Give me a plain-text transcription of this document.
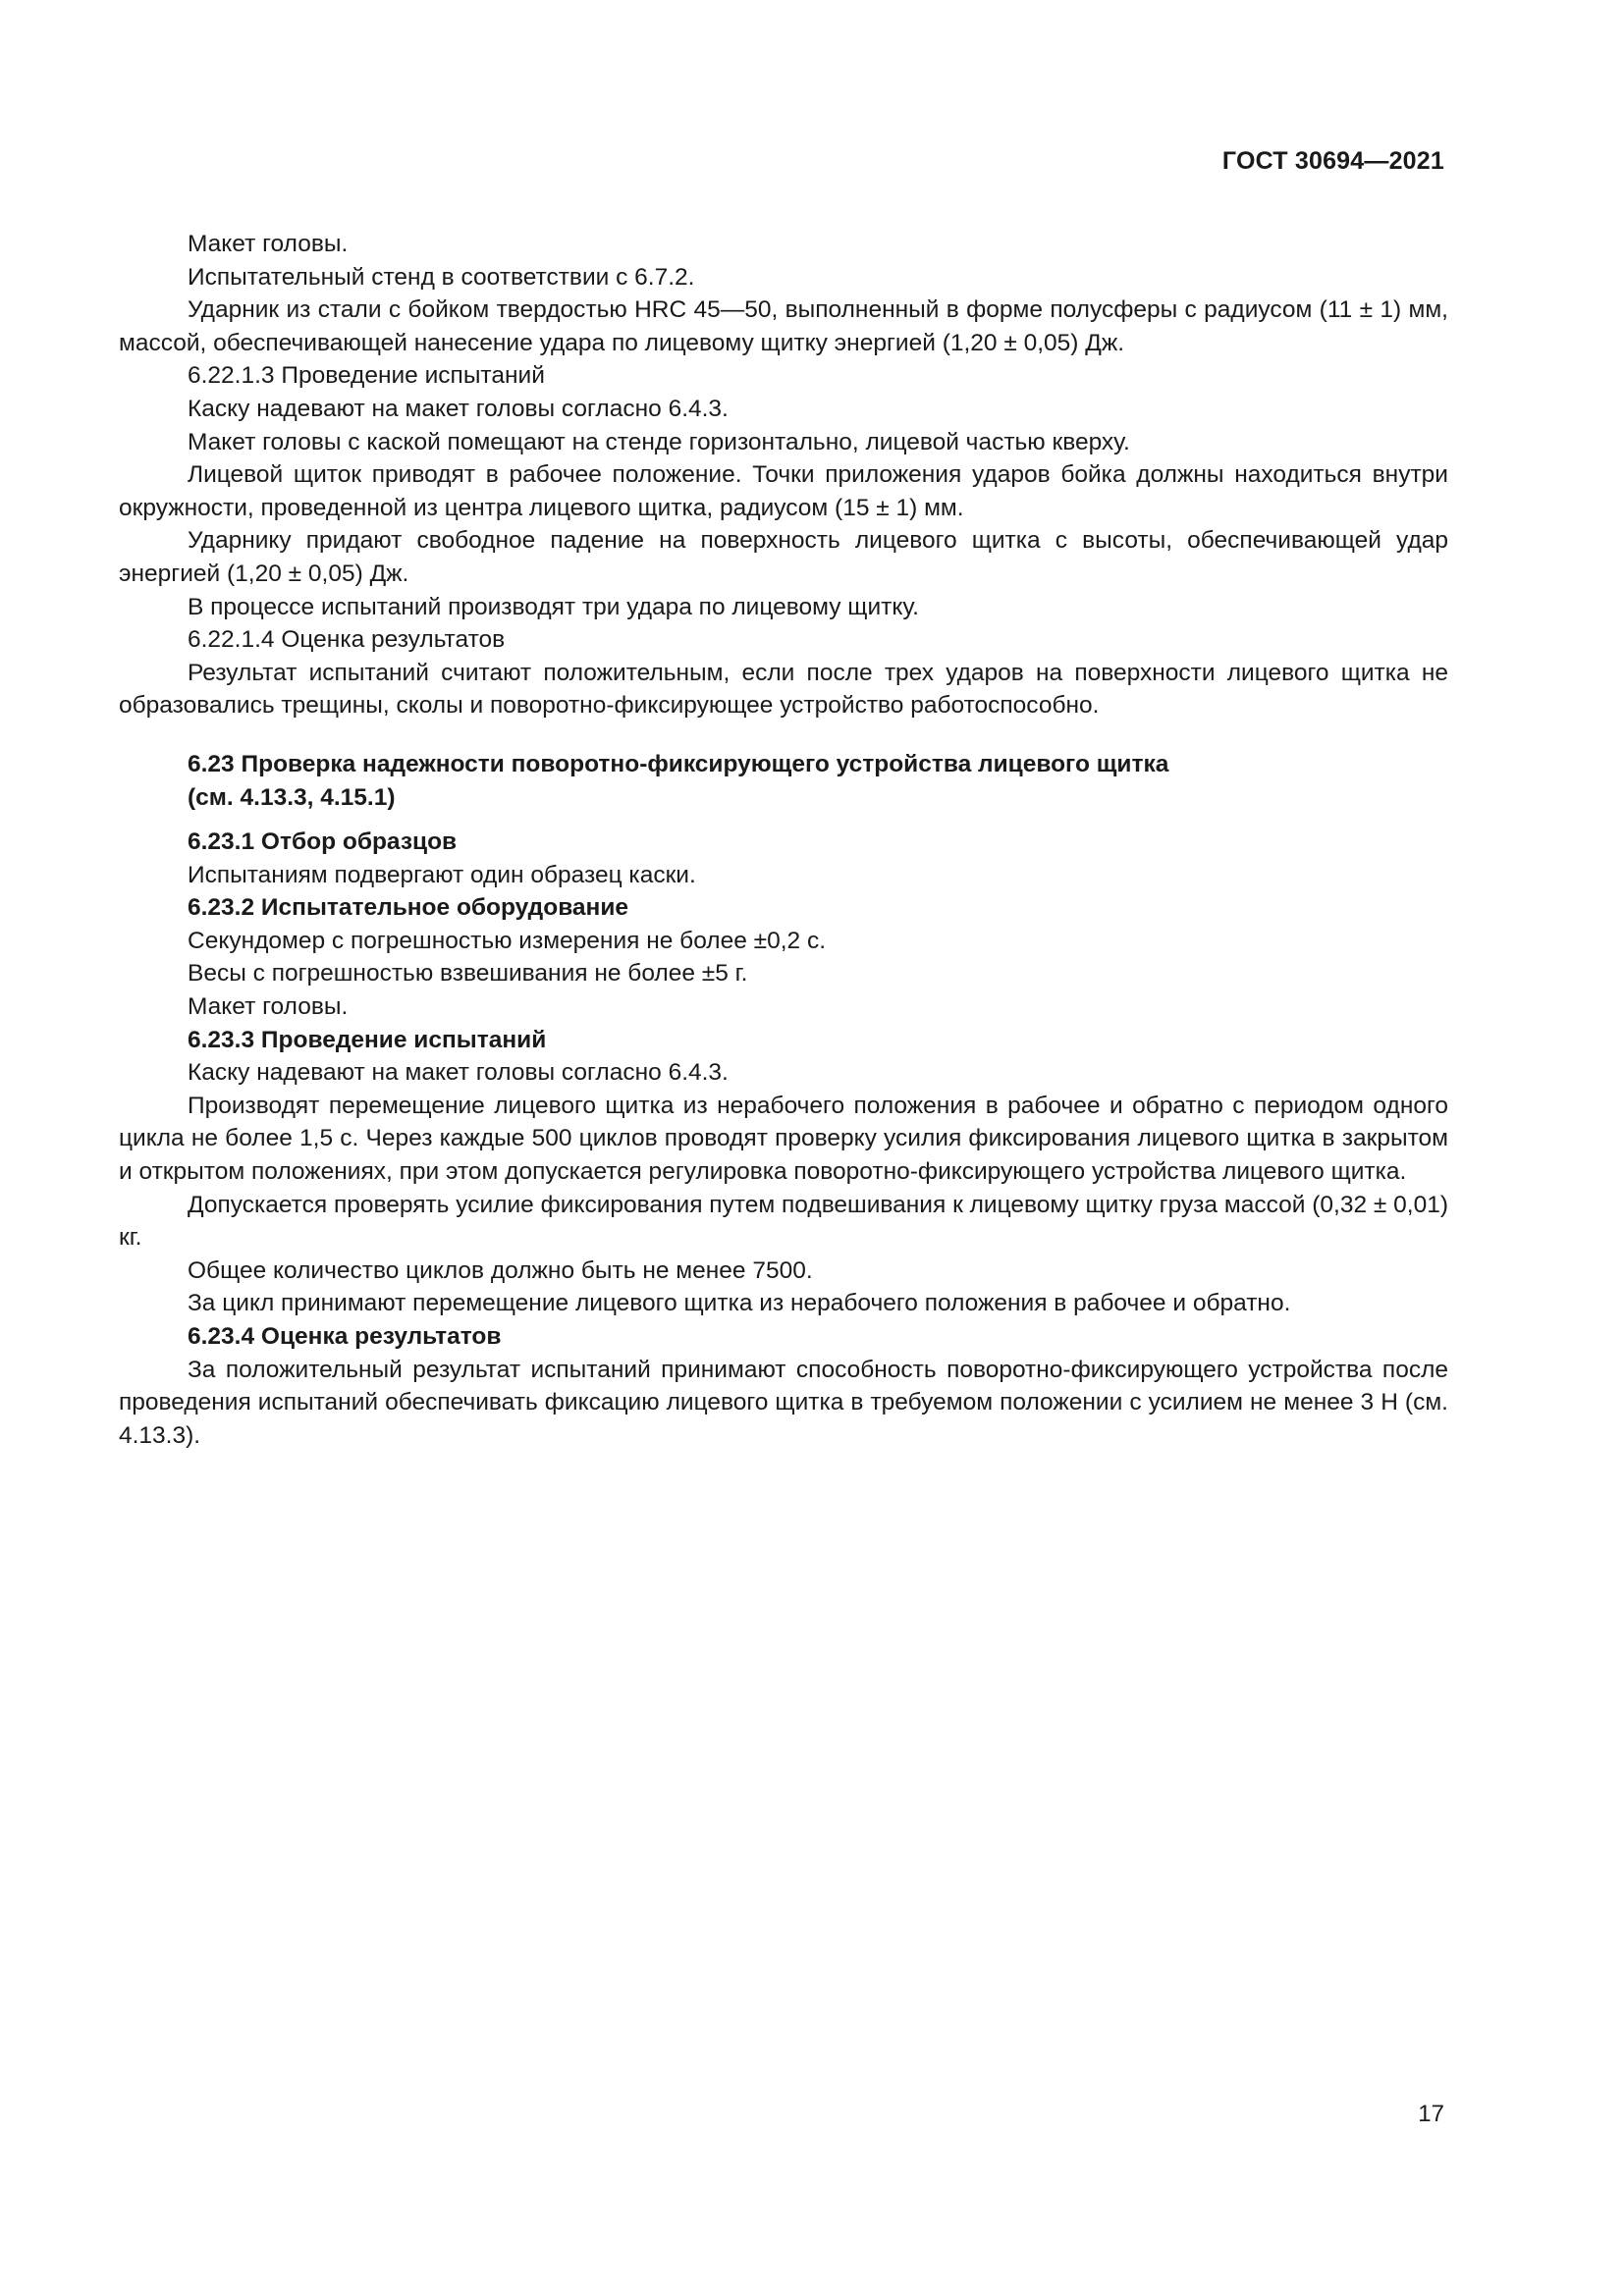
ГОСТ 30694—2021

Макет головы.

Испытательный стенд в соответствии с 6.7.2.

Ударник из стали с бойком твердостью HRC 45—50, выполненный в форме полусферы с радиусом (11 ± 1) мм, массой, обеспечивающей нанесение удара по лицевому щитку энергией (1,20 ± 0,05) Дж.

6.22.1.3 Проведение испытаний

Каску надевают на макет головы согласно 6.4.3.

Макет головы с каской помещают на стенде горизонтально, лицевой частью кверху.

Лицевой щиток приводят в рабочее положение. Точки приложения ударов бойка должны находиться внутри окружности, проведенной из центра лицевого щитка, радиусом (15 ± 1) мм.

Ударнику придают свободное падение на поверхность лицевого щитка с высоты, обеспечивающей удар энергией (1,20 ± 0,05) Дж.

В процессе испытаний производят три удара по лицевому щитку.

6.22.1.4 Оценка результатов

Результат испытаний считают положительным, если после трех ударов на поверхности лицевого щитка не образовались трещины, сколы и поворотно-фиксирующее устройство работоспособно.

6.23 Проверка надежности поворотно-фиксирующего устройства лицевого щитка
(см. 4.13.3, 4.15.1)

6.23.1 Отбор образцов

Испытаниям подвергают один образец каски.

6.23.2 Испытательное оборудование

Секундомер с погрешностью измерения не более ±0,2 с.

Весы с погрешностью взвешивания не более ±5 г.

Макет головы.

6.23.3 Проведение испытаний

Каску надевают на макет головы согласно 6.4.3.

Производят перемещение лицевого щитка из нерабочего положения в рабочее и обратно с периодом одного цикла не более 1,5 с. Через каждые 500 циклов проводят проверку усилия фиксирования лицевого щитка в закрытом и открытом положениях, при этом допускается регулировка поворотно-фиксирующего устройства лицевого щитка.

Допускается проверять усилие фиксирования путем подвешивания к лицевому щитку груза массой (0,32 ± 0,01) кг.

Общее количество циклов должно быть не менее 7500.

За цикл принимают перемещение лицевого щитка из нерабочего положения в рабочее и обратно.

6.23.4 Оценка результатов

За положительный результат испытаний принимают способность поворотно-фиксирующего устройства после проведения испытаний обеспечивать фиксацию лицевого щитка в требуемом положении с усилием не менее 3 Н (см. 4.13.3).

17
